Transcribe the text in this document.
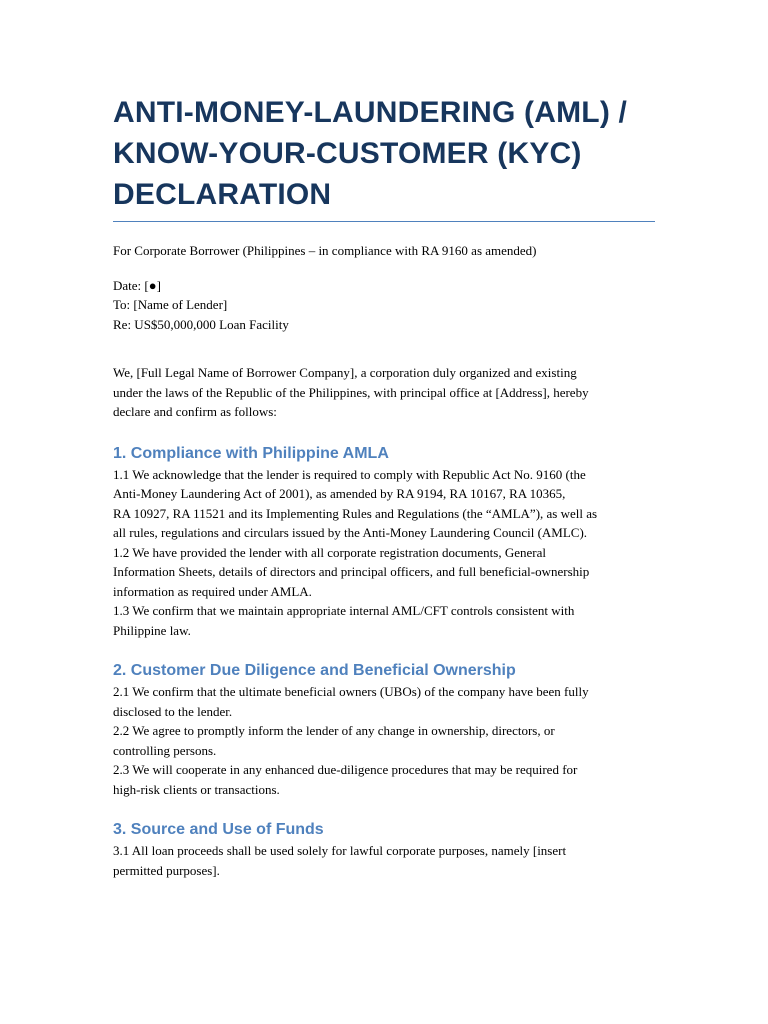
ANTI-MONEY-LAUNDERING (AML) /
KNOW-YOUR-CUSTOMER (KYC)
DECLARATION
For Corporate Borrower (Philippines – in compliance with RA 9160 as amended)
Date: [●]
To: [Name of Lender]
Re: US$50,000,000 Loan Facility
We, [Full Legal Name of Borrower Company], a corporation duly organized and existing
under the laws of the Republic of the Philippines, with principal office at [Address], hereby
declare and confirm as follows:
1. Compliance with Philippine AMLA
1.1 We acknowledge that the lender is required to comply with Republic Act No. 9160 (the
Anti-Money Laundering Act of 2001), as amended by RA 9194, RA 10167, RA 10365,
RA 10927, RA 11521 and its Implementing Rules and Regulations (the “AMLA”), as well as
all rules, regulations and circulars issued by the Anti-Money Laundering Council (AMLC).
1.2 We have provided the lender with all corporate registration documents, General
Information Sheets, details of directors and principal officers, and full beneficial-ownership
information as required under AMLA.
1.3 We confirm that we maintain appropriate internal AML/CFT controls consistent with
Philippine law.
2. Customer Due Diligence and Beneficial Ownership
2.1 We confirm that the ultimate beneficial owners (UBOs) of the company have been fully
disclosed to the lender.
2.2 We agree to promptly inform the lender of any change in ownership, directors, or
controlling persons.
2.3 We will cooperate in any enhanced due-diligence procedures that may be required for
high-risk clients or transactions.
3. Source and Use of Funds
3.1 All loan proceeds shall be used solely for lawful corporate purposes, namely [insert
permitted purposes].
